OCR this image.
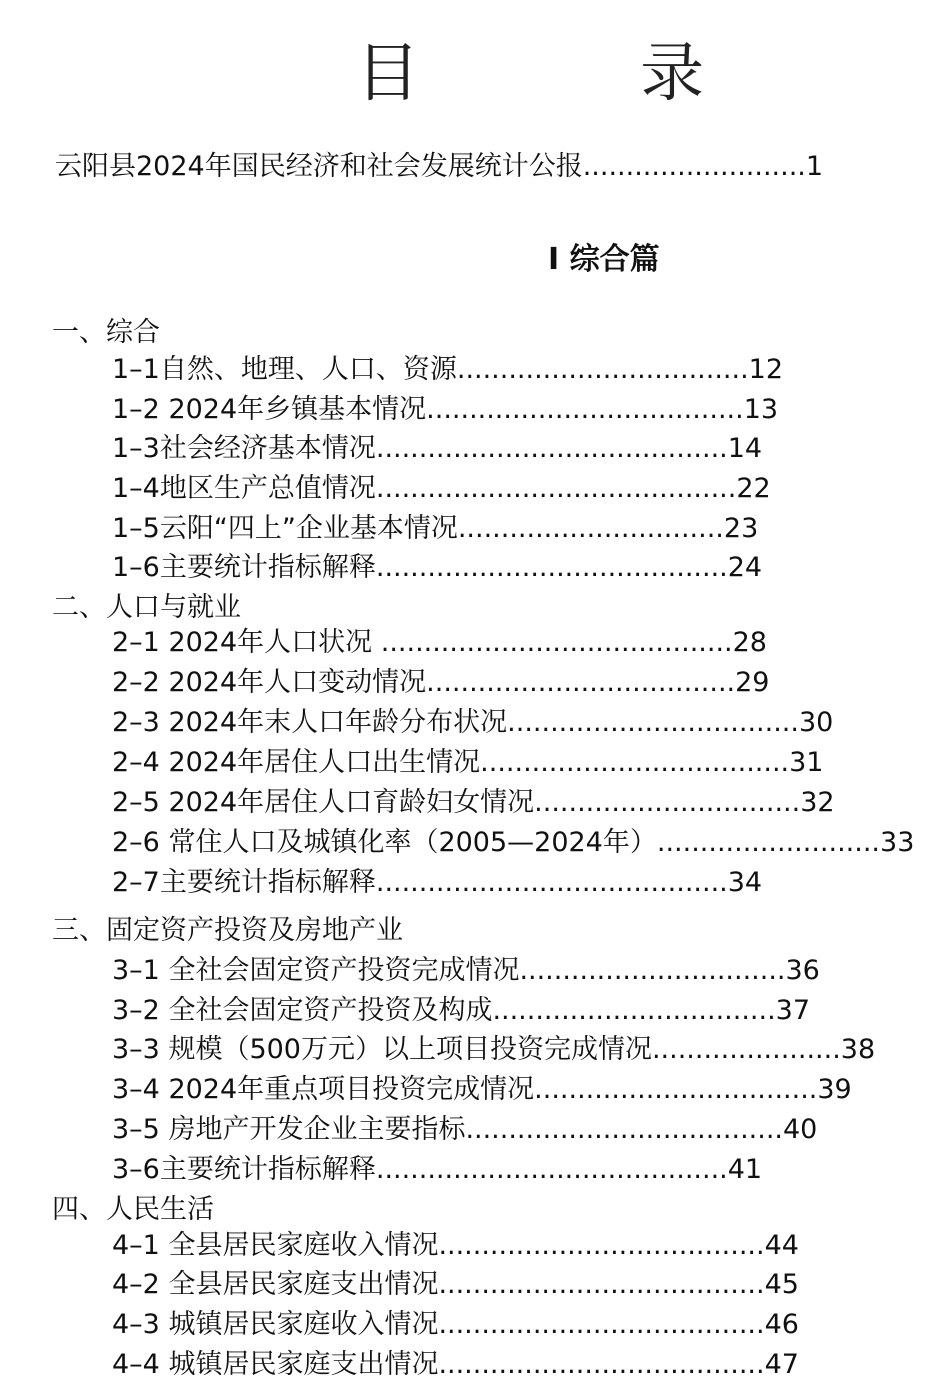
目 录
云阳县2024年国民经济和社会发展统计公报..........................1
Ⅰ 综合篇
一、综合
1–1自然、地理、人口、资源..................................12
1–2 2024年乡镇基本情况.....................................13
1–3社会经济基本情况.........................................14
1–4地区生产总值情况..........................................22
1–5云阳“四上”企业基本情况...............................23
1–6主要统计指标解释.........................................24
二、人口与就业
2–1 2024年人口状况 .........................................28
2–2 2024年人口变动情况....................................29
2–3 2024年末人口年龄分布状况..................................30
2–4 2024年居住人口出生情况....................................31
2–5 2024年居住人口育龄妇女情况...............................32
2–6 常住人口及城镇化率（2005—2024年）..........................33
2–7主要统计指标解释.........................................34
三、固定资产投资及房地产业
3–1 全社会固定资产投资完成情况...............................36
3–2 全社会固定资产投资及构成.................................37
3–3 规模（500万元）以上项目投资完成情况......................38
3–4 2024年重点项目投资完成情况.................................39
3–5 房地产开发企业主要指标.....................................40
3–6主要统计指标解释.........................................41
四、人民生活
4–1 全县居民家庭收入情况......................................44
4–2 全县居民家庭支出情况......................................45
4–3 城镇居民家庭收入情况......................................46
4–4 城镇居民家庭支出情况......................................47
